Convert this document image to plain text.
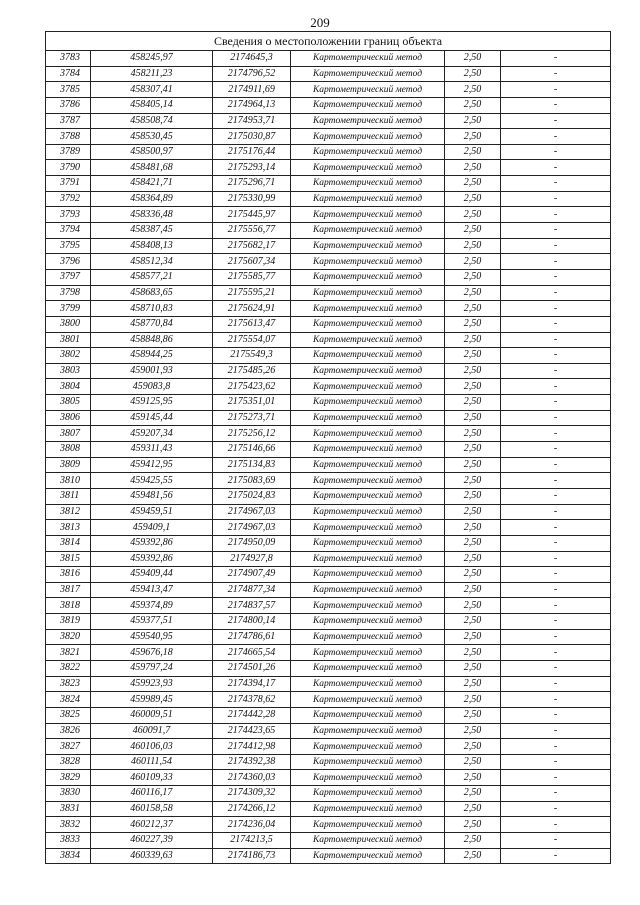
209
Сведения о местоположении границ объекта					
3783	458245,97	2174645,3	Картометрический метод	2,50	-
3784	458211,23	2174796,52	Картометрический метод	2,50	-
3785	458307,41	2174911,69	Картометрический метод	2,50	-
3786	458405,14	2174964,13	Картометрический метод	2,50	-
3787	458508,74	2174953,71	Картометрический метод	2,50	-
3788	458530,45	2175030,87	Картометрический метод	2,50	-
3789	458500,97	2175176,44	Картометрический метод	2,50	-
3790	458481,68	2175293,14	Картометрический метод	2,50	-
3791	458421,71	2175296,71	Картометрический метод	2,50	-
3792	458364,89	2175330,99	Картометрический метод	2,50	-
3793	458336,48	2175445,97	Картометрический метод	2,50	-
3794	458387,45	2175556,77	Картометрический метод	2,50	-
3795	458408,13	2175682,17	Картометрический метод	2,50	-
3796	458512,34	2175607,34	Картометрический метод	2,50	-
3797	458577,21	2175585,77	Картометрический метод	2,50	-
3798	458683,65	2175595,21	Картометрический метод	2,50	-
3799	458710,83	2175624,91	Картометрический метод	2,50	-
3800	458770,84	2175613,47	Картометрический метод	2,50	-
3801	458848,86	2175554,07	Картометрический метод	2,50	-
3802	458944,25	2175549,3	Картометрический метод	2,50	-
3803	459001,93	2175485,26	Картометрический метод	2,50	-
3804	459083,8	2175423,62	Картометрический метод	2,50	-
3805	459125,95	2175351,01	Картометрический метод	2,50	-
3806	459145,44	2175273,71	Картометрический метод	2,50	-
3807	459207,34	2175256,12	Картометрический метод	2,50	-
3808	459311,43	2175146,66	Картометрический метод	2,50	-
3809	459412,95	2175134,83	Картометрический метод	2,50	-
3810	459425,55	2175083,69	Картометрический метод	2,50	-
3811	459481,56	2175024,83	Картометрический метод	2,50	-
3812	459459,51	2174967,03	Картометрический метод	2,50	-
3813	459409,1	2174967,03	Картометрический метод	2,50	-
3814	459392,86	2174950,09	Картометрический метод	2,50	-
3815	459392,86	2174927,8	Картометрический метод	2,50	-
3816	459409,44	2174907,49	Картометрический метод	2,50	-
3817	459413,47	2174877,34	Картометрический метод	2,50	-
3818	459374,89	2174837,57	Картометрический метод	2,50	-
3819	459377,51	2174800,14	Картометрический метод	2,50	-
3820	459540,95	2174786,61	Картометрический метод	2,50	-
3821	459676,18	2174665,54	Картометрический метод	2,50	-
3822	459797,24	2174501,26	Картометрический метод	2,50	-
3823	459923,93	2174394,17	Картометрический метод	2,50	-
3824	459989,45	2174378,62	Картометрический метод	2,50	-
3825	460009,51	2174442,28	Картометрический метод	2,50	-
3826	460091,7	2174423,65	Картометрический метод	2,50	-
3827	460106,03	2174412,98	Картометрический метод	2,50	-
3828	460111,54	2174392,38	Картометрический метод	2,50	-
3829	460109,33	2174360,03	Картометрический метод	2,50	-
3830	460116,17	2174309,32	Картометрический метод	2,50	-
3831	460158,58	2174266,12	Картометрический метод	2,50	-
3832	460212,37	2174236,04	Картометрический метод	2,50	-
3833	460227,39	2174213,5	Картометрический метод	2,50	-
3834	460339,63	2174186,73	Картометрический метод	2,50	-
